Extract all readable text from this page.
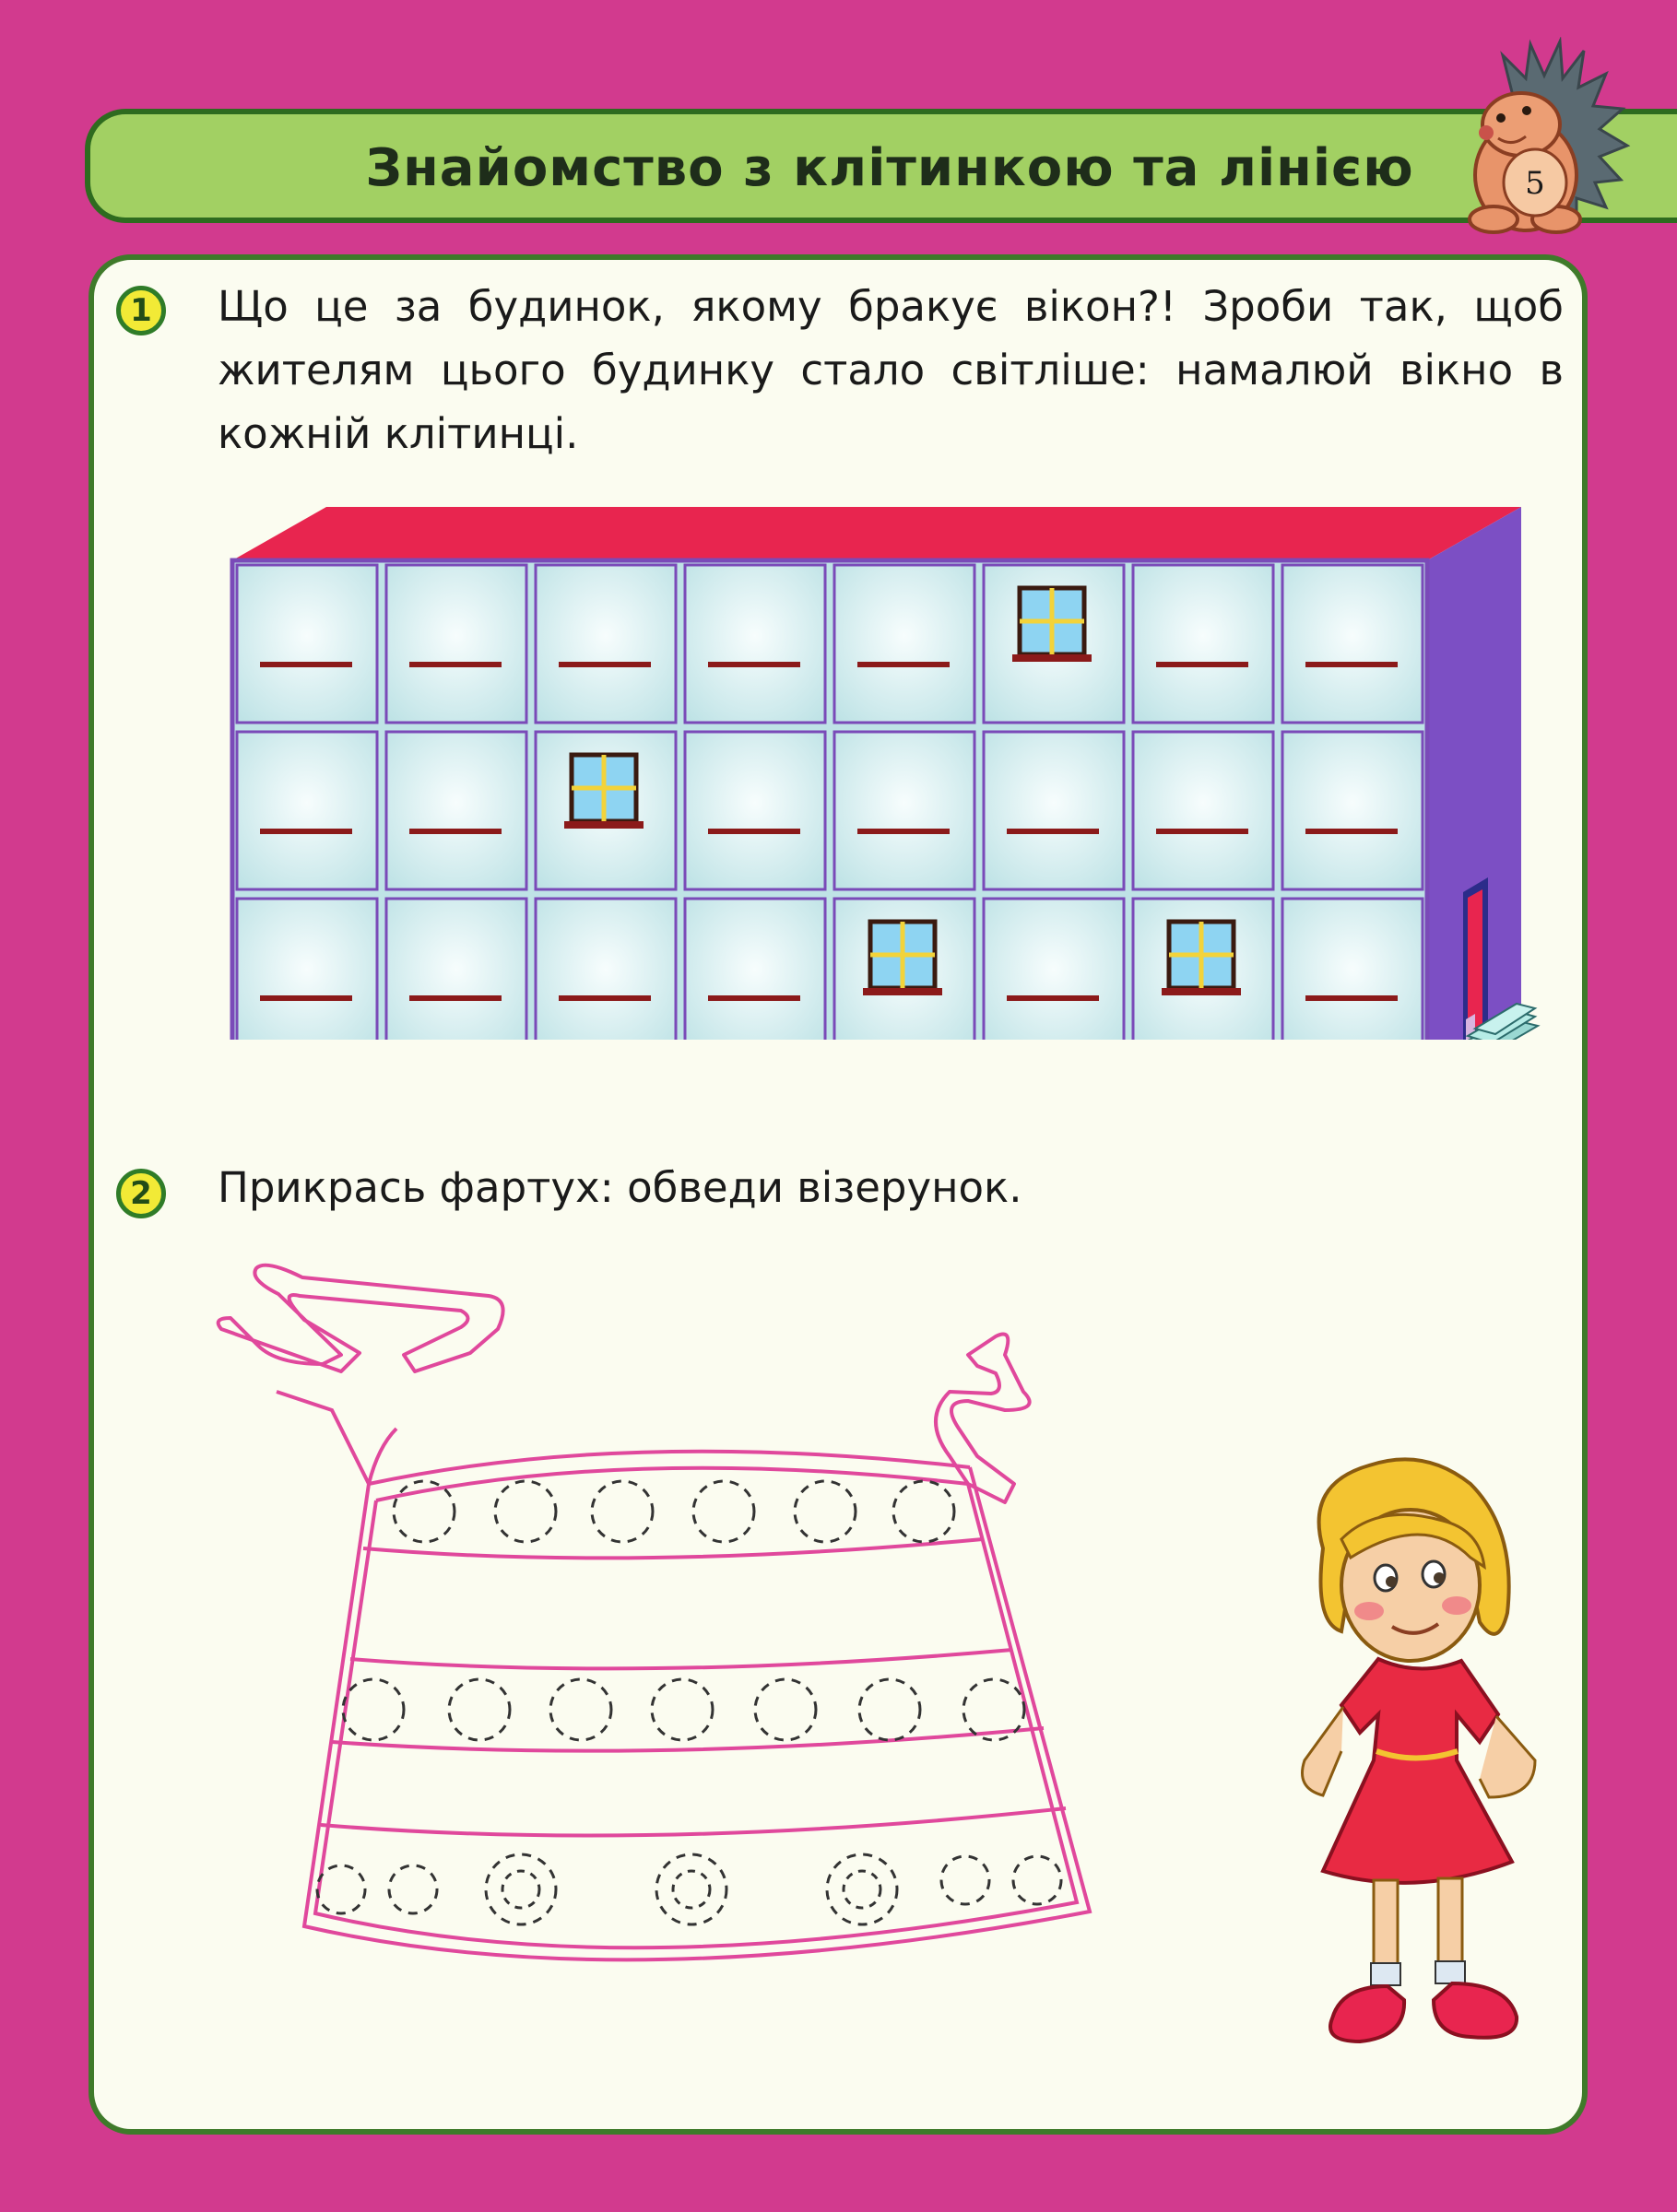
Знайомство з клітинкою та лінією	5
1	Що це за будинок, якому бракує вікон?! Зроби так, щоб жителям цього будинку стало світліше: намалюй вікно в кожній клітинці.
2	Прикрась фартух: обведи візерунок.
